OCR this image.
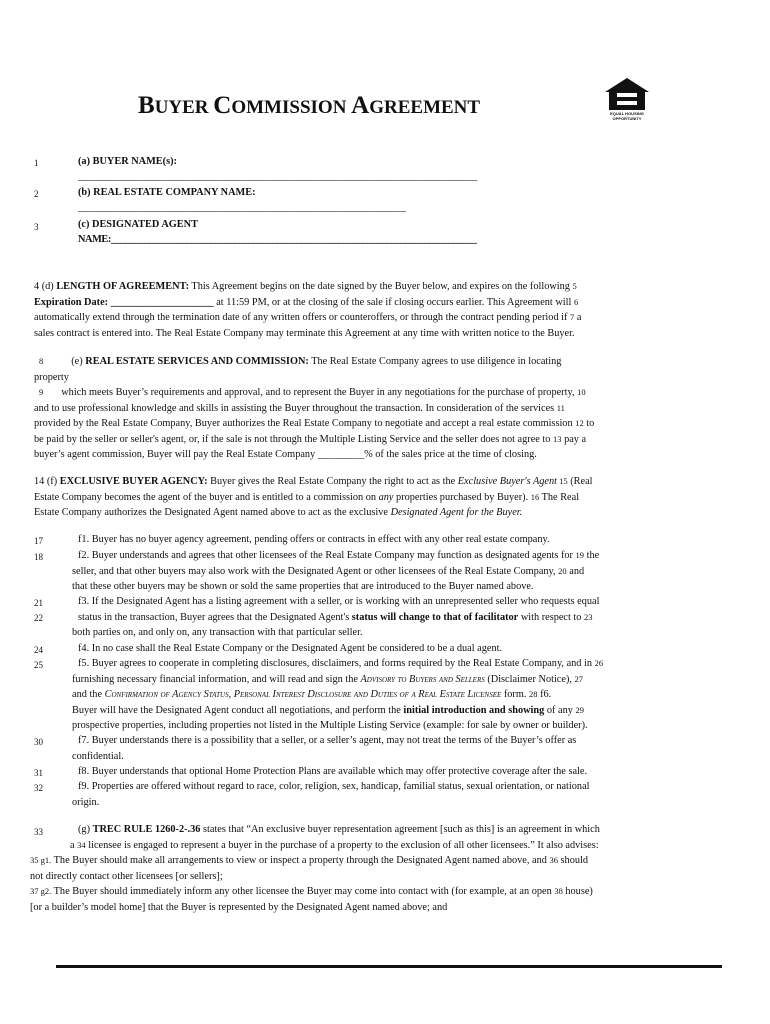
BUYER COMMISSION AGREEMENT	EQUAL HOUSING
OPPORTUNITY
1	(a) BUYER NAME(s):
____________________________________________________________________________________
2	(b) REAL ESTATE COMPANY NAME:
_____________________________________________________________________
3	(c) DESIGNATED AGENT
NAME:_____________________________________________________________________________

4 (d) LENGTH OF AGREEMENT: This Agreement begins on the date signed by the Buyer below, and expires on the following 5

Expiration Date: ____________________ at 11:59 PM, or at the closing of the sale if closing occurs earlier. This Agreement will 6

automatically extend through the termination date of any written offers or counteroffers, or through the contract pending period if 7 a

sales contract is entered into. The Real Estate Company may terminate this Agreement at any time with written notice to the Buyer.

8	(e) REAL ESTATE SERVICES AND COMMISSION: The Real Estate Company agrees to use diligence in locating

property

9 which meets Buyer’s requirements and approval, and to represent the Buyer in any negotiations for the purchase of property, 10

and to use professional knowledge and skills in assisting the Buyer throughout the transaction. In consideration of the services 11

provided by the Real Estate Company, Buyer authorizes the Real Estate Company to negotiate and accept a real estate commission 12 to

be paid by the seller or seller's agent, or, if the sale is not through the Multiple Listing Service and the seller does not agree to 13 pay a

buyer’s agent commission, Buyer will pay the Real Estate Company _________% of the sales price at the time of closing.

14 (f) EXCLUSIVE BUYER AGENCY: Buyer gives the Real Estate Company the right to act as the Exclusive Buyer's Agent 15 (Real

Estate Company becomes the agent of the buyer and is entitled to a commission on any properties purchased by Buyer). 16 The Real

Estate Company authorizes the Designated Agent named above to act as the exclusive Designated Agent for the Buyer.

17	f1. Buyer has no buyer agency agreement, pending offers or contracts in effect with any other real estate company.
18	f2. Buyer understands and agrees that other licensees of the Real Estate Company may function as designated agents for 19 the

seller, and that other buyers may also work with the Designated Agent or other licensees of the Real Estate Company, 20 and

that these other buyers may be shown or sold the same properties that are introduced to the Buyer named above.

21
22

f3. If the Designated Agent has a listing agreement with a seller, or is working with an unrepresented seller who requests equal

status in the transaction, Buyer agrees that the Designated Agent's status will change to that of facilitator with respect to 23

both parties on, and only on, any transaction with that particular seller.

24	f4. In no case shall the Real Estate Company or the Designated Agent be considered to be a dual agent.
25	f5. Buyer agrees to cooperate in completing disclosures, disclaimers, and forms required by the Real Estate Company, and in 26

furnishing necessary financial information, and will read and sign the Advisory to Buyers and Sellers (Disclaimer Notice), 27

and the Confirmation of Agency Status, Personal Interest Disclosure and Duties of a Real Estate Licensee form. 28 f6.

Buyer will have the Designated Agent conduct all negotiations, and perform the initial introduction and showing of any 29

prospective properties, including properties not listed in the Multiple Listing Service (example: for sale by owner or builder).

30	f7. Buyer understands there is a possibility that a seller, or a seller’s agent, may not treat the terms of the Buyer’s offer as

confidential.

31	f8. Buyer understands that optional Home Protection Plans are available which may offer protective coverage after the sale.
32	f9. Properties are offered without regard to race, color, religion, sex, handicap, familial status, sexual orientation, or national

origin.

33	(g) TREC RULE 1260-2-.36 states that “An exclusive buyer representation agreement [such as this] is an agreement in which

a 34 licensee is engaged to represent a buyer in the purchase of a property to the exclusion of all other licensees.” It also advises:

35 g1. The Buyer should make all arrangements to view or inspect a property through the Designated Agent named above, and 36 should

not directly contact other licensees [or sellers];

37 g2. The Buyer should immediately inform any other licensee the Buyer may come into contact with (for example, at an open 38 house)

[or a builder’s model home] that the Buyer is represented by the Designated Agent named above; and
